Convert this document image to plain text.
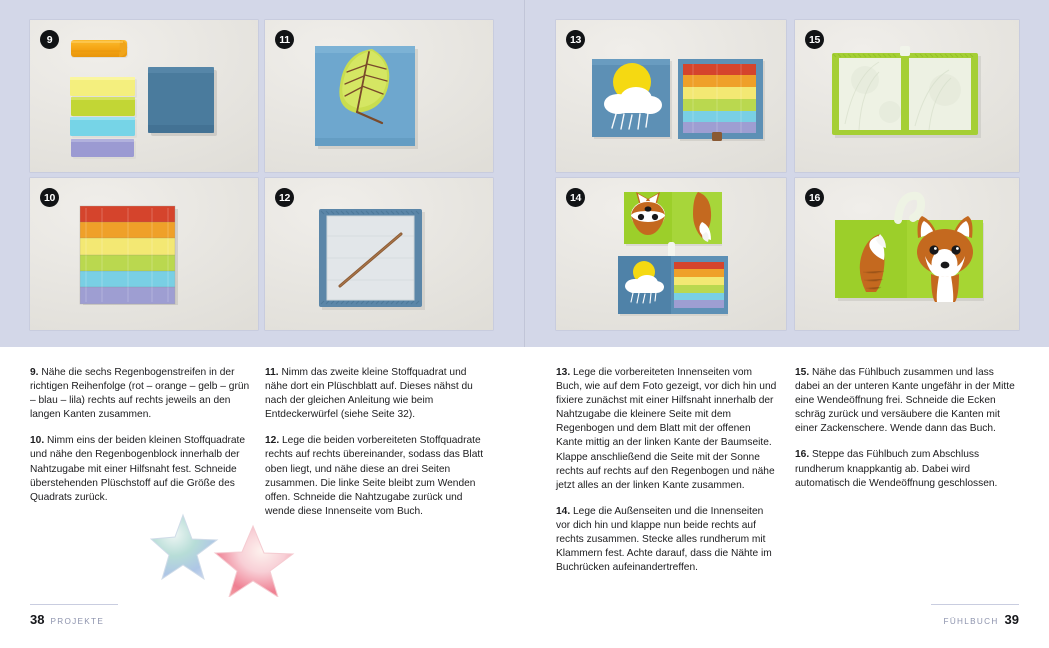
9
10
11
12
13
14
15
16

9. Nähe die sechs Regenbogenstreifen in der richtigen Reihenfolge (rot – orange – gelb – grün – blau – lila) rechts auf rechts jeweils an den langen Kanten zusammen.

10. Nimm eins der beiden kleinen Stoffquadrate und nähe den Regenbogenblock innerhalb der Nahtzugabe mit einer Hilfsnaht fest. Schneide überstehenden Plüschstoff auf die Größe des Quadrats zurück.

11. Nimm das zweite kleine Stoffquadrat und nähe dort ein Plüschblatt auf. Dieses nähst du nach der gleichen Anleitung wie beim Entdeckerwürfel (siehe Seite 32).

12. Lege die beiden vorbereiteten Stoffquadrate rechts auf rechts übereinander, sodass das Blatt oben liegt, und nähe diese an drei Seiten zusammen. Die linke Seite bleibt zum Wenden offen. Schneide die Nahtzugabe zurück und wende diese Innenseite vom Buch.

13. Lege die vorbereiteten Innenseiten vom Buch, wie auf dem Foto gezeigt, vor dich hin und fixiere zunächst mit einer Hilfsnaht innerhalb der Nahtzugabe die kleinere Seite mit dem Regenbogen und dem Blatt mit der offenen Kante mittig an der linken Kante der Baumseite. Klappe anschließend die Seite mit der Sonne rechts auf rechts auf den Regenbogen und nähe jetzt alles an der linken Kante zusammen.

14. Lege die Außenseiten und die Innenseiten vor dich hin und klappe nun beide rechts auf rechts zusammen. Stecke alles rundherum mit Klammern fest. Achte darauf, dass die Nähte im Buchrücken aufeinandertreffen.

15. Nähe das Fühlbuch zusammen und lass dabei an der unteren Kante ungefähr in der Mitte eine Wendeöffnung frei. Schneide die Ecken schräg zurück und versäubere die Kanten mit einer Zackenschere. Wende dann das Buch.

16. Steppe das Fühlbuch zum Abschluss rundherum knappkantig ab. Dabei wird automatisch die Wendeöffnung geschlossen.

38 PROJEKTE	FÜHLBUCH 39
